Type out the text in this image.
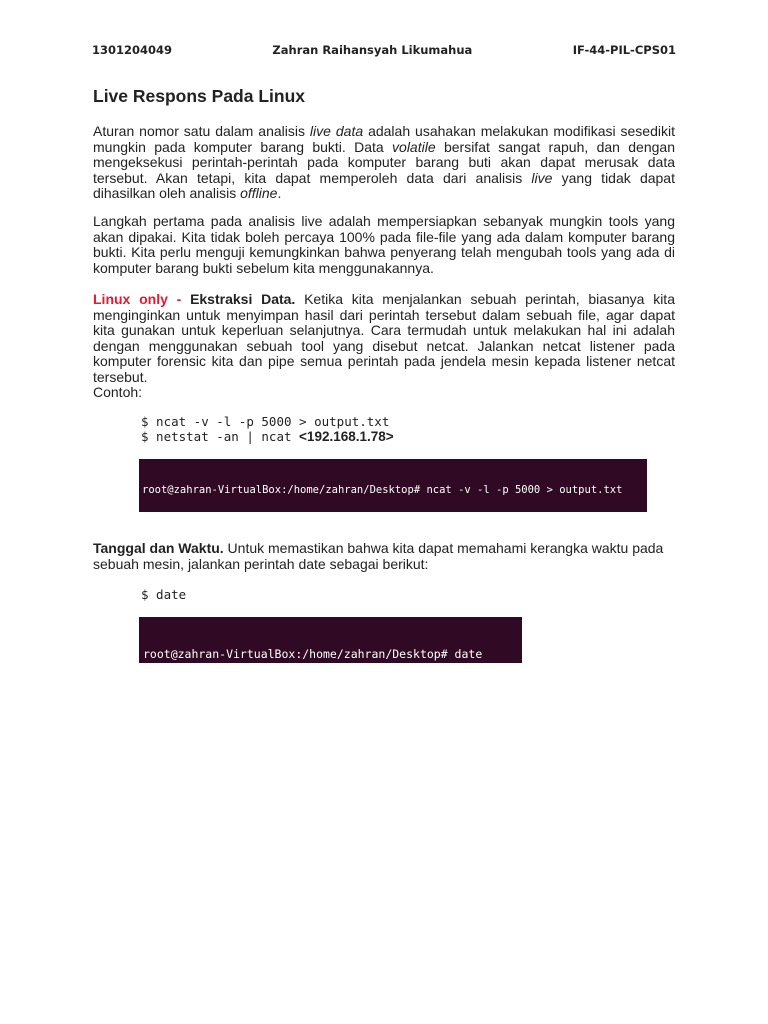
1301204049	Zahran Raihansyah Likumahua	IF-44-PIL-CPS01
Live Respons Pada Linux

Aturan nomor satu dalam analisis live data adalah usahakan melakukan modifikasi sesedikit mungkin pada komputer barang bukti. Data volatile bersifat sangat rapuh, dan dengan mengeksekusi perintah-perintah pada komputer barang buti akan dapat merusak data tersebut. Akan tetapi, kita dapat memperoleh data dari analisis live yang tidak dapat dihasilkan oleh analisis offline.

Langkah pertama pada analisis live adalah mempersiapkan sebanyak mungkin tools yang akan dipakai. Kita tidak boleh percaya 100% pada file-file yang ada dalam komputer barang bukti. Kita perlu menguji kemungkinkan bahwa penyerang telah mengubah tools yang ada di komputer barang bukti sebelum kita menggunakannya.

Linux only - Ekstraksi Data. Ketika kita menjalankan sebuah perintah, biasanya kita menginginkan untuk menyimpan hasil dari perintah tersebut dalam sebuah file, agar dapat kita gunakan untuk keperluan selanjutnya. Cara termudah untuk melakukan hal ini adalah dengan menggunakan sebuah tool yang disebut netcat. Jalankan netcat listener pada komputer forensic kita dan pipe semua perintah pada jendela mesin kepada listener netcat tersebut.
Contoh:

$ ncat -v -l -p 5000 > output.txt
$ netstat -an | ncat <192.168.1.78>

root@zahran-VirtualBox:/home/zahran/Desktop# ncat -v -l -p 5000 > output.txt

Tanggal dan Waktu. Untuk memastikan bahwa kita dapat memahami kerangka waktu pada sebuah mesin, jalankan perintah date sebagai berikut:

$ date

root@zahran-VirtualBox:/home/zahran/Desktop# date
